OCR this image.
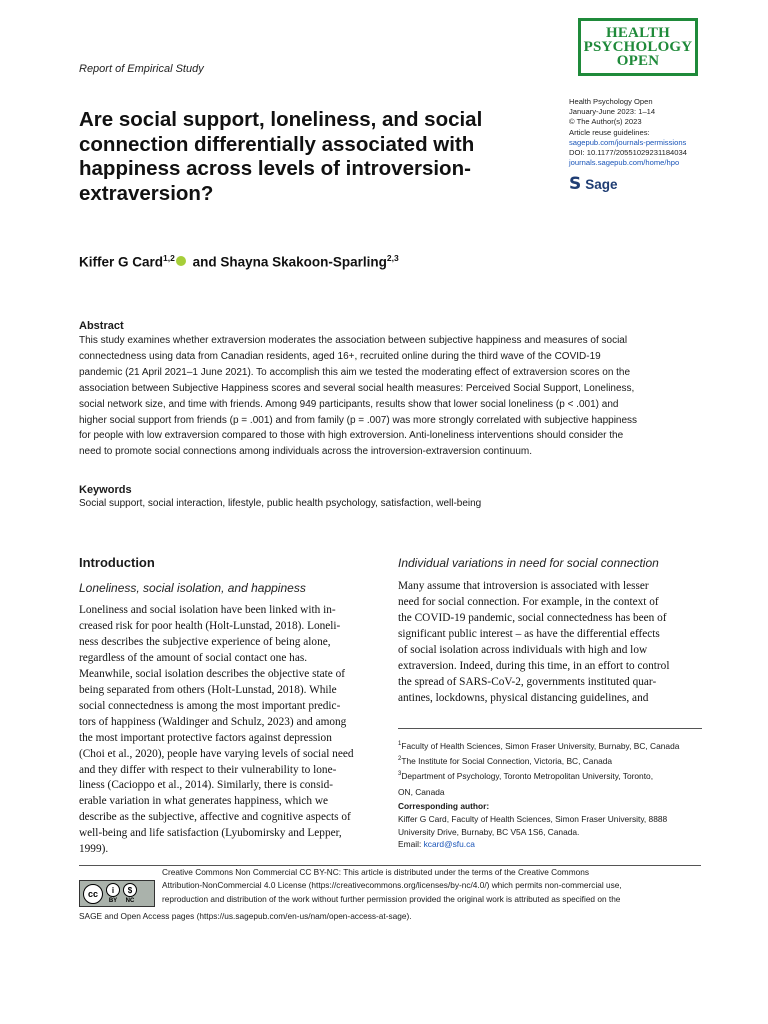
Report of Empirical Study
HEALTH
PSYCHOLOGY
OPEN
Health Psychology Open
January-June 2023: 1–14
© The Author(s) 2023
Article reuse guidelines:
sagepub.com/journals-permissions
DOI: 10.1177/20551029231184034
journals.sagepub.com/home/hpo
S Sage
Are social support, loneliness, and social connection differentially associated with happiness across levels of introversion-extraversion?
Kiffer G Card$^{1,2}$ and Shayna Skakoon-Sparling$^{2,3}$
Abstract
This study examines whether extraversion moderates the association between subjective happiness and measures of social
connectedness using data from Canadian residents, aged 16+, recruited online during the third wave of the COVID-19
pandemic (21 April 2021–1 June 2021). To accomplish this aim we tested the moderating effect of extraversion scores on the
association between Subjective Happiness scores and several social health measures: Perceived Social Support, Loneliness,
social network size, and time with friends. Among 949 participants, results show that lower social loneliness (p < .001) and
higher social support from friends (p = .001) and from family (p = .007) was more strongly correlated with subjective happiness
for people with low extraversion compared to those with high extroversion. Anti-loneliness interventions should consider the
need to promote social connections among individuals across the introversion-extraversion continuum.
Keywords
Social support, social interaction, lifestyle, public health psychology, satisfaction, well-being
Introduction
Loneliness, social isolation, and happiness
Loneliness and social isolation have been linked with in-
creased risk for poor health (Holt-Lunstad, 2018). Loneli-
ness describes the subjective experience of being alone,
regardless of the amount of social contact one has.
Meanwhile, social isolation describes the objective state of
being separated from others (Holt-Lunstad, 2018). While
social connectedness is among the most important predic-
tors of happiness (Waldinger and Schulz, 2023) and among
the most important protective factors against depression
(Choi et al., 2020), people have varying levels of social need
and they differ with respect to their vulnerability to lone-
liness (Cacioppo et al., 2014). Similarly, there is consid-
erable variation in what generates happiness, which we
describe as the subjective, affective and cognitive aspects of
well-being and life satisfaction (Lyubomirsky and Lepper,
1999).
Individual variations in need for social connection
Many assume that introversion is associated with lesser
need for social connection. For example, in the context of
the COVID-19 pandemic, social connectedness has been of
significant public interest – as have the differential effects
of social isolation across individuals with high and low
extraversion. Indeed, during this time, in an effort to control
the spread of SARS-CoV-2, governments instituted quar-
antines, lockdowns, physical distancing guidelines, and
$^1$Faculty of Health Sciences, Simon Fraser University, Burnaby, BC, Canada
$^2$The Institute for Social Connection, Victoria, BC, Canada
$^3$Department of Psychology, Toronto Metropolitan University, Toronto,
ON, Canada
Corresponding author:
Kiffer G Card, Faculty of Health Sciences, Simon Fraser University, 8888
University Drive, Burnaby, BC V5A 1S6, Canada.
Email: kcard@sfu.ca
cc	i
BY
$
NC
Creative Commons Non Commercial CC BY-NC: This article is distributed under the terms of the Creative Commons
Attribution-NonCommercial 4.0 License (https://creativecommons.org/licenses/by-nc/4.0/) which permits non-commercial use,
reproduction and distribution of the work without further permission provided the original work is attributed as specified on the
SAGE and Open Access pages (https://us.sagepub.com/en-us/nam/open-access-at-sage).
